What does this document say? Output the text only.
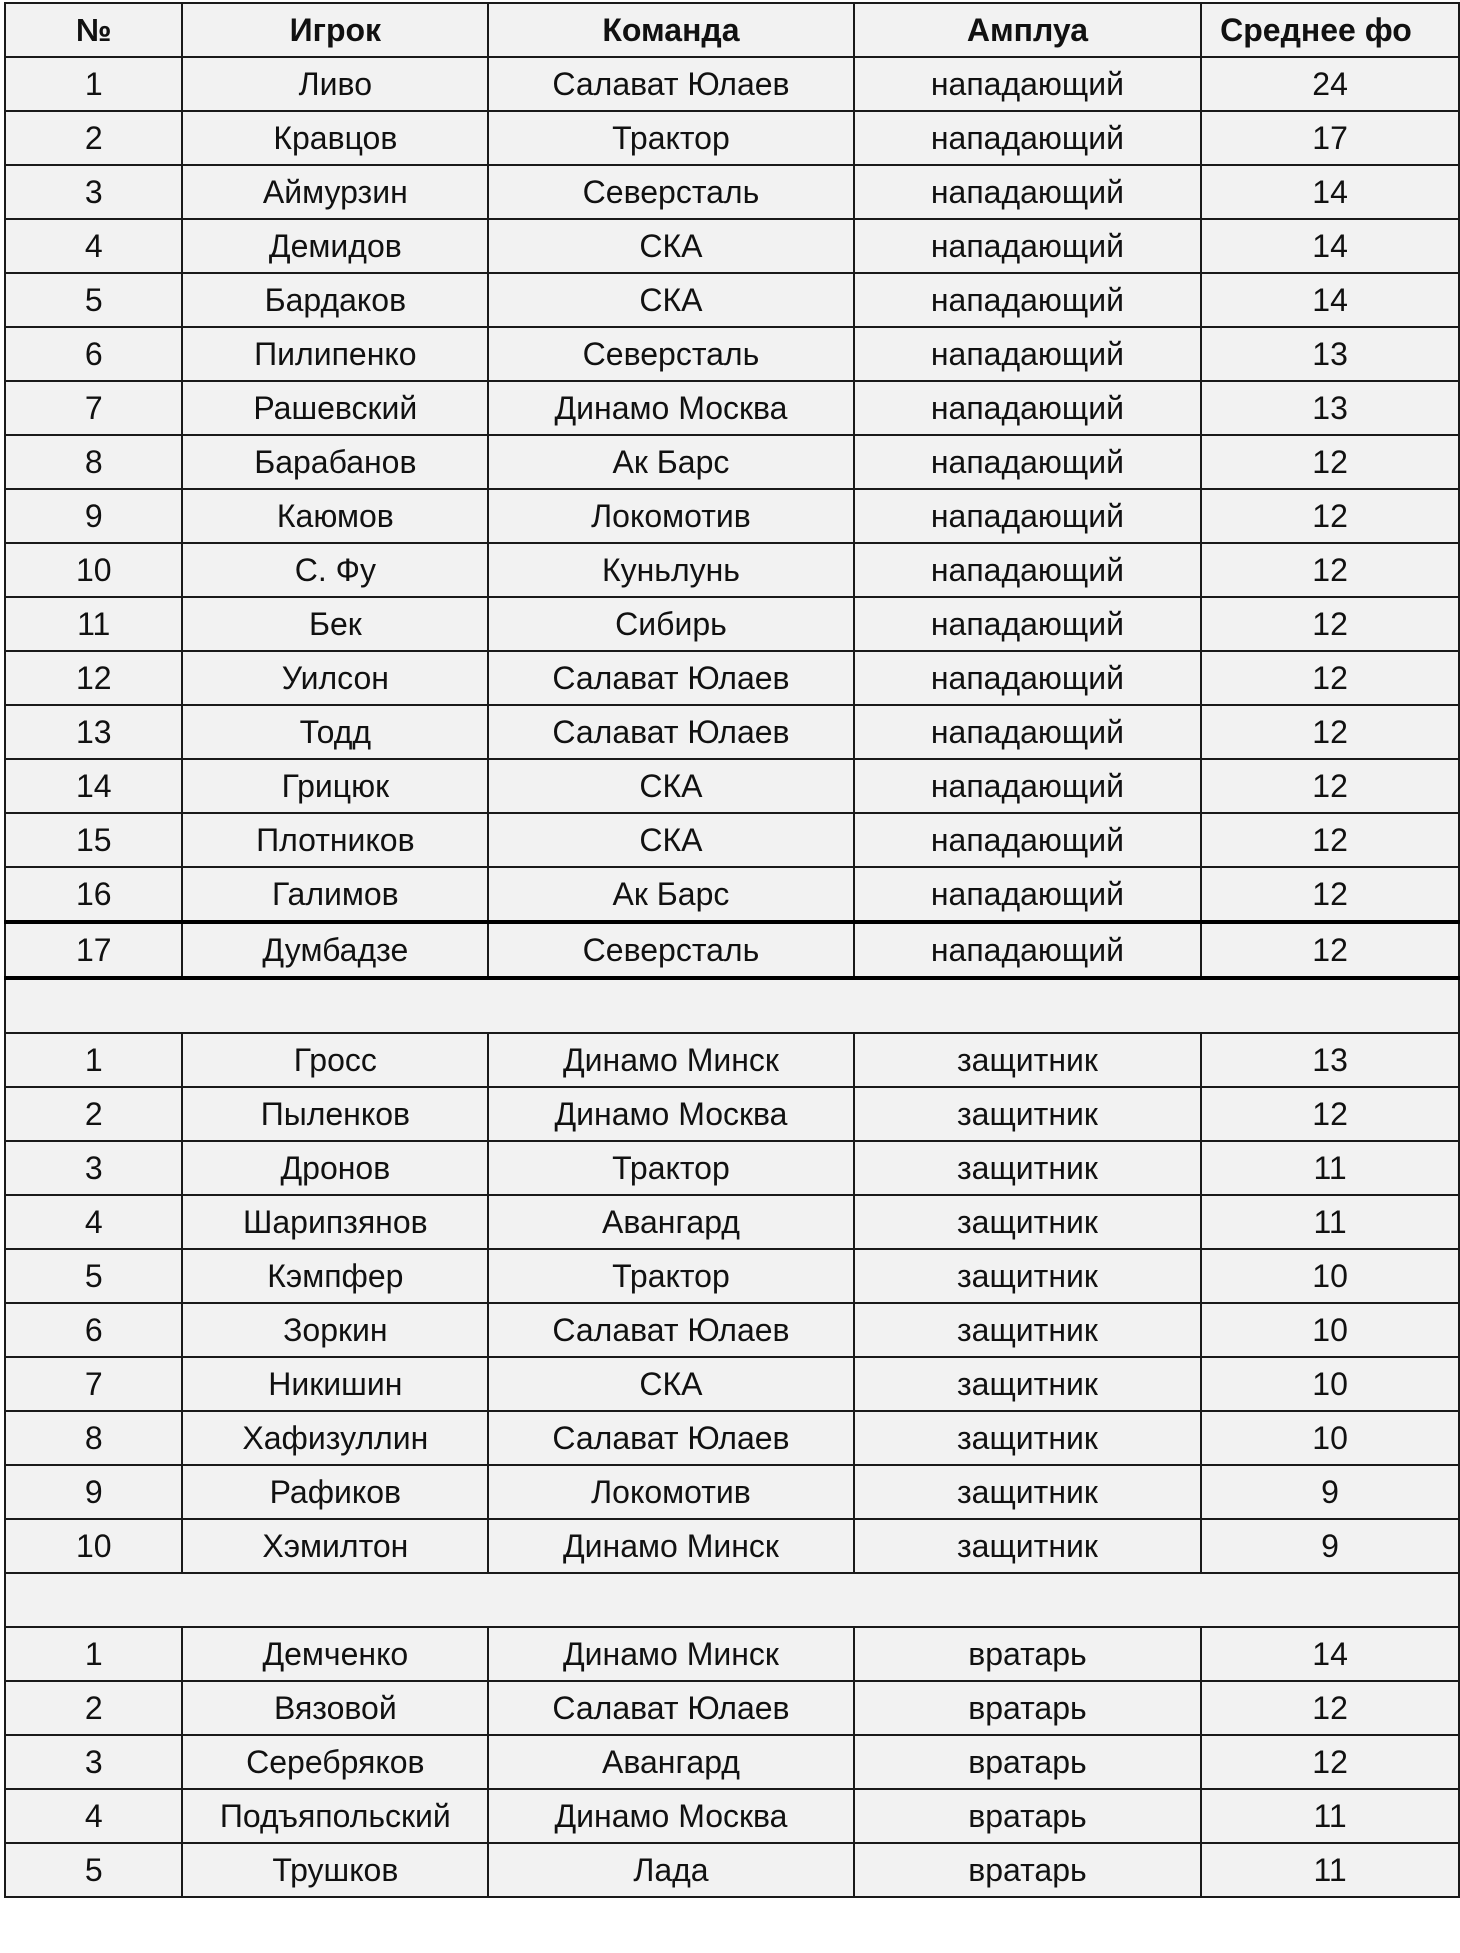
№	Игрок	Команда	Амплуа	Среднее фо
1	Ливо	Салават Юлаев	нападающий	24
2	Кравцов	Трактор	нападающий	17
3	Аймурзин	Северсталь	нападающий	14
4	Демидов	СКА	нападающий	14
5	Бардаков	СКА	нападающий	14
6	Пилипенко	Северсталь	нападающий	13
7	Рашевский	Динамо Москва	нападающий	13
8	Барабанов	Ак Барс	нападающий	12
9	Каюмов	Локомотив	нападающий	12
10	С. Фу	Куньлунь	нападающий	12
11	Бек	Сибирь	нападающий	12
12	Уилсон	Салават Юлаев	нападающий	12
13	Тодд	Салават Юлаев	нападающий	12
14	Грицюк	СКА	нападающий	12
15	Плотников	СКА	нападающий	12
16	Галимов	Ак Барс	нападающий	12
17	Думбадзе	Северсталь	нападающий	12

1	Гросс	Динамо Минск	защитник	13
2	Пыленков	Динамо Москва	защитник	12
3	Дронов	Трактор	защитник	11
4	Шарипзянов	Авангард	защитник	11
5	Кэмпфер	Трактор	защитник	10
6	Зоркин	Салават Юлаев	защитник	10
7	Никишин	СКА	защитник	10
8	Хафизуллин	Салават Юлаев	защитник	10
9	Рафиков	Локомотив	защитник	9
10	Хэмилтон	Динамо Минск	защитник	9

1	Демченко	Динамо Минск	вратарь	14
2	Вязовой	Салават Юлаев	вратарь	12
3	Серебряков	Авангард	вратарь	12
4	Подъяпольский	Динамо Москва	вратарь	11
5	Трушков	Лада	вратарь	11
